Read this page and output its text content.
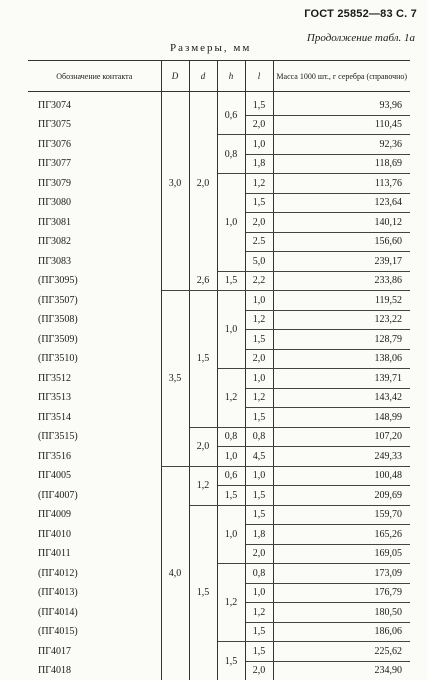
ГОСТ 25852—83 С. 7
Продолжение табл. 1а
Размеры, мм
Обозначение контакта	D	d	h	l	Масса 1000 шт., г серебра (справочно)
ПГ3074	3,0	2,0	0,6	1,5	93,96
ПГ3075				2,0	110,45
ПГ3076			0,8	1,0	92,36
ПГ3077				1,8	118,69
ПГ3079			1,0	1,2	113,76
ПГ3080				1,5	123,64
ПГ3081				2,0	140,12
ПГ3082				2.5	156,60
ПГ3083				5,0	239,17
(ПГ3095)		2,6	1,5	2,2	233,86
(ПГ3507)	3,5	1,5	1,0	1,0	119,52
(ПГ3508)				1,2	123,22
(ПГ3509)				1,5	128,79
(ПГ3510)				2,0	138,06
ПГ3512			1,2	1,0	139,71
ПГ3513				1,2	143,42
ПГ3514				1,5	148,99
(ПГ3515)		2,0	0,8	0,8	107,20
ПГ3516			1,0	4,5	249,33
ПГ4005	4,0	1,2	0,6	1,0	100,48
(ПГ4007)			1,5	1,5	209,69
ПГ4009		1,5	1,0	1,5	159,70
ПГ4010				1,8	165,26
ПГ4011				2,0	169,05
(ПГ4012)			1,2	0,8	173,09
(ПГ4013)				1,0	176,79
(ПГ4014)				1,2	180,50
(ПГ4015)				1,5	186,06
ПГ4017			1,5	1,5	225,62
ПГ4018				2,0	234,90
